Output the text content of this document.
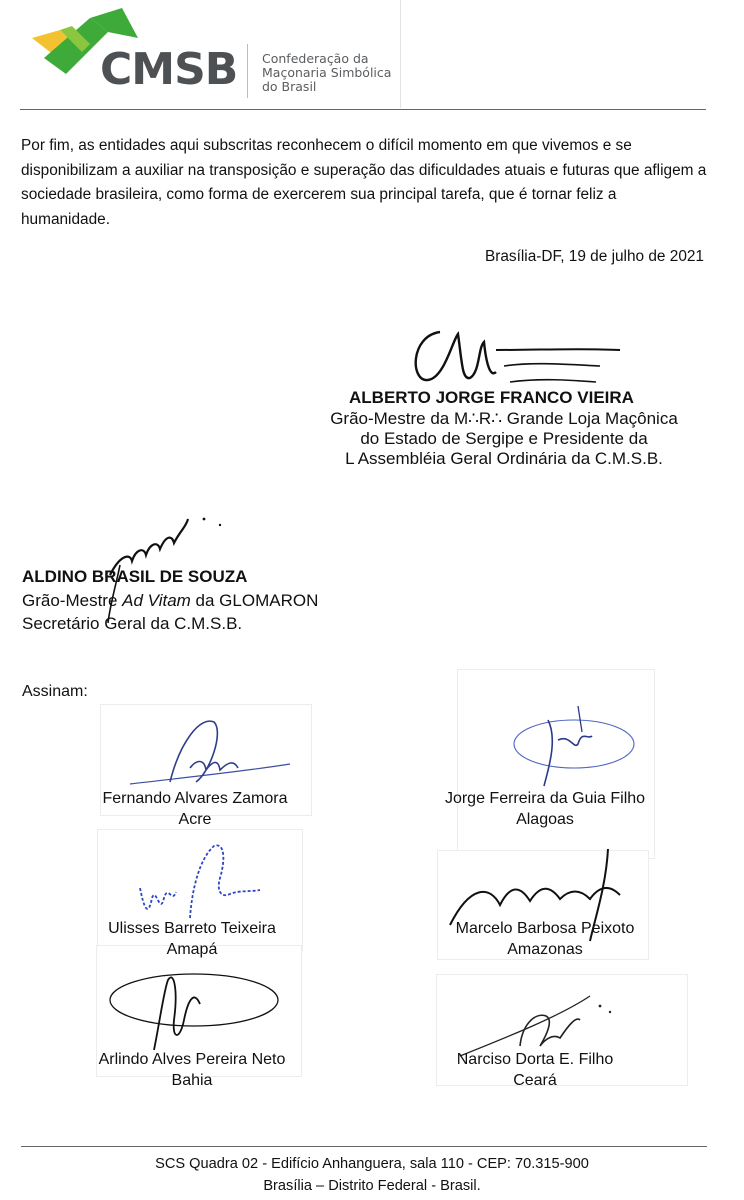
CMSB Confederação da
Maçonaria Simbólica
do Brasil
Por fim, as entidades aqui subscritas reconhecem o difícil momento em que vivemos e se disponibilizam a auxiliar na transposição e superação das dificuldades atuais e futuras que afligem a sociedade brasileira, como forma de exercerem sua principal tarefa, que é tornar feliz a humanidade.
Brasília-DF, 19 de julho de 2021
ALBERTO JORGE FRANCO VIEIRA
Grão-Mestre da M∴R∴ Grande Loja Maçônica
do Estado de Sergipe e Presidente da
L Assembléia Geral Ordinária da C.M.S.B.
ALDINO BRASIL DE SOUZA
Grão-Mestre Ad Vitam da GLOMARON
Secretário Geral da C.M.S.B.
Assinam:
Fernando Alvares Zamora
Acre
Jorge Ferreira da Guia Filho
Alagoas
Ulisses Barreto Teixeira
Amapá
Marcelo Barbosa Peixoto
Amazonas
Arlindo Alves Pereira Neto
Bahia
Narciso Dorta E. Filho
Ceará
SCS Quadra 02 - Edifício Anhanguera, sala 110 - CEP: 70.315-900
Brasília – Distrito Federal - Brasil.
